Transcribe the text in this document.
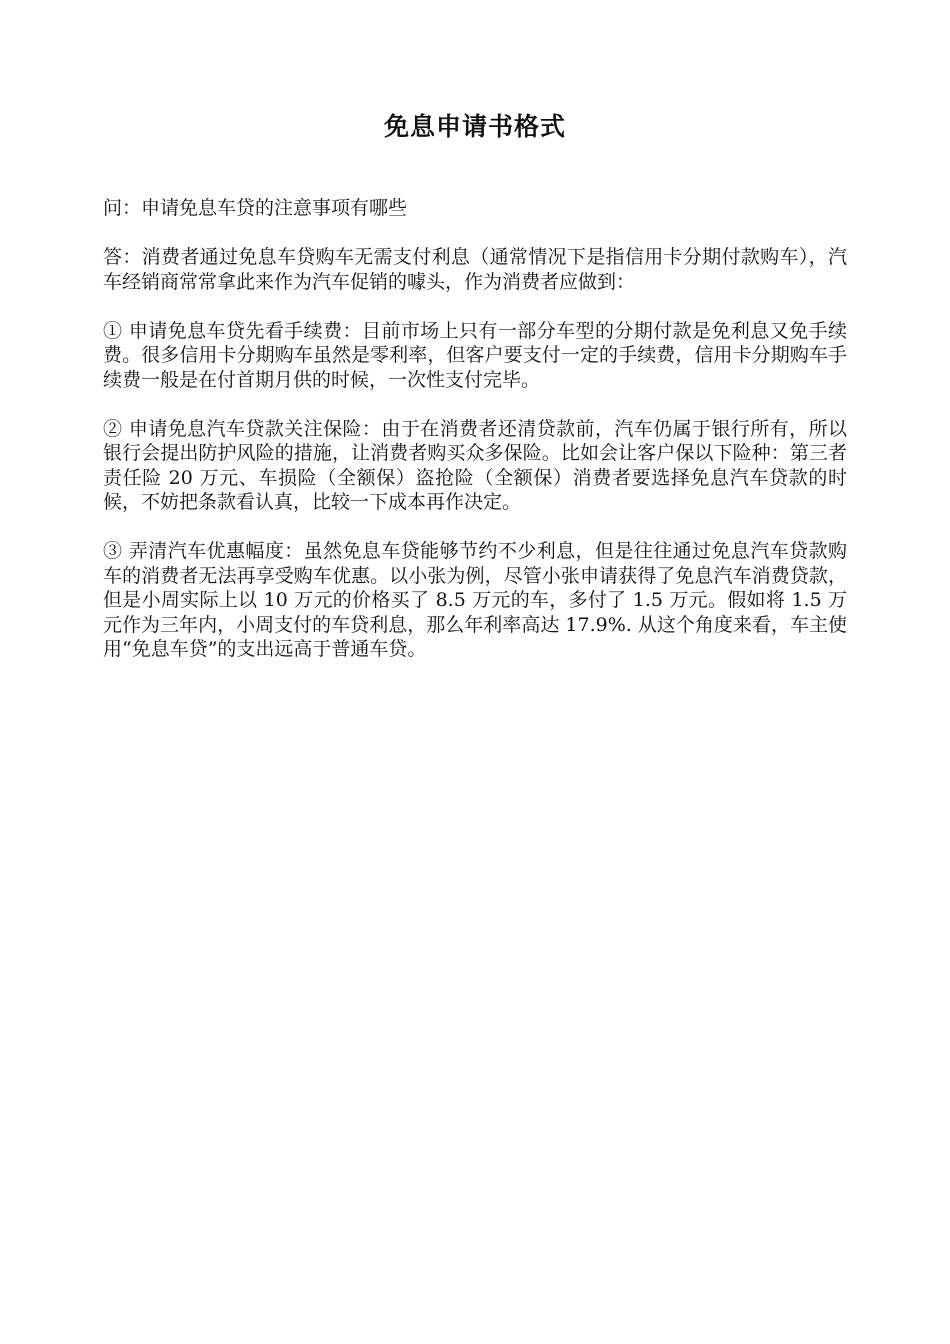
免息申请书格式

问：申请免息车贷的注意事项有哪些

答：消费者通过免息车贷购车无需支付利息（通常情况下是指信用卡分期付款购车），汽车经销商常常拿此来作为汽车促销的噱头，作为消费者应做到：

① 申请免息车贷先看手续费：目前市场上只有一部分车型的分期付款是免利息又免手续费。很多信用卡分期购车虽然是零利率，但客户要支付一定的手续费，信用卡分期购车手续费一般是在付首期月供的时候，一次性支付完毕。

② 申请免息汽车贷款关注保险：由于在消费者还清贷款前，汽车仍属于银行所有，所以银行会提出防护风险的措施，让消费者购买众多保险。比如会让客户保以下险种：第三者责任险 20 万元、车损险（全额保）盗抢险（全额保）消费者要选择免息汽车贷款的时候，不妨把条款看认真，比较一下成本再作决定。

③ 弄清汽车优惠幅度：虽然免息车贷能够节约不少利息，但是往往通过免息汽车贷款购车的消费者无法再享受购车优惠。以小张为例，尽管小张申请获得了免息汽车消费贷款，但是小周实际上以 10 万元的价格买了 8.5 万元的车，多付了 1.5 万元。假如将 1.5 万元作为三年内，小周支付的车贷利息，那么年利率高达 17.9%. 从这个角度来看，车主使用“免息车贷”的支出远高于普通车贷。
